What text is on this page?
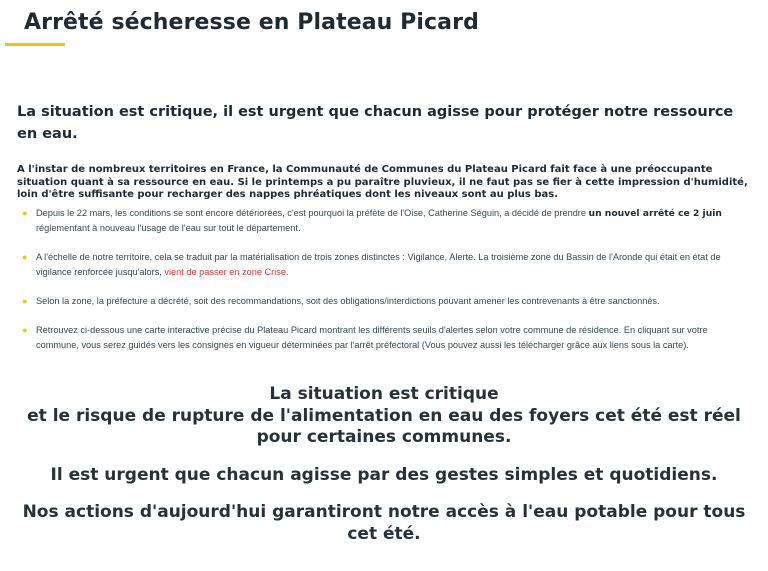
Arrêté sécheresse en Plateau Picard

La situation est critique, il est urgent que chacun agisse pour protéger notre ressource en eau.

A l'instar de nombreux territoires en France, la Communauté de Communes du Plateau Picard fait face à une préoccupante situation quant à sa ressource en eau. Si le printemps a pu paraître pluvieux, il ne faut pas se fier à cette impression d'humidité, loin d'être suffisante pour recharger des nappes phréatiques dont les niveaux sont au plus bas.

● Depuis le 22 mars, les conditions se sont encore détériorées, c'est pourquoi la préfète de l'Oise, Catherine Séguin, a décidé de prendre un nouvel arrêté ce 2 juin réglementant à nouveau l'usage de l'eau sur tout le département.
● A l'échelle de notre territoire, cela se traduit par la matérialisation de trois zones distinctes : Vigilance, Alerte. La troisième zone du Bassin de l'Aronde qui était en état de vigilance renforcée jusqu'alors, vient de passer en zone Crise.
● Selon la zone, la préfecture a décrété, soit des recommandations, soit des obligations/interdictions pouvant amener les contrevenants à être sanctionnés.
● Retrouvez ci-dessous une carte interactive précise du Plateau Picard montrant les différents seuils d'alertes selon votre commune de résidence. En cliquant sur votre commune, vous serez guidés vers les consignes en vigueur déterminées par l'arrêt préfectoral (Vous pouvez aussi les télécharger grâce aux liens sous la carte).

La situation est critique

et le risque de rupture de l'alimentation en eau des foyers cet été est réel pour certaines communes.

Il est urgent que chacun agisse par des gestes simples et quotidiens.

Nos actions d'aujourd'hui garantiront notre accès à l'eau potable pour tous cet été.
